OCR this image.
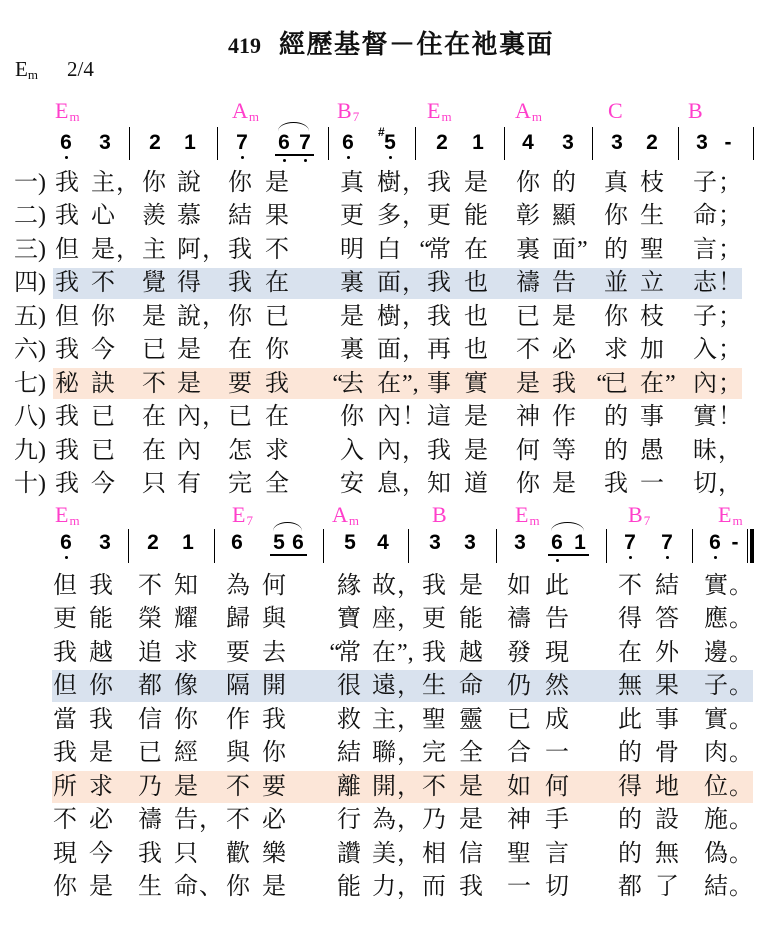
419 經歷基督－住在祂裏面
Em 2/4
Em
6 3 2 1
Am
7 6 7
B7
6 5
#
Em
2 1
Am
4 3
C
3 2
B
3 -
Em
6 3 2 1
E7
6 5 6
Am
5 4
B
3 3
Em
3 6 1
B7
7 7
Em
6 -
一) 我 主 ， 你 說 你 是 真 樹 ， 我 是 你 的 真 枝 子 ；
但 我 不 知 為 何 緣 故 ， 我 是 如 此 不 結 實 。
二) 我 心 羨 慕 結 果 更 多 ， 更 能 彰 顯 你 生 命 ；
更 能 榮 耀 歸 與 寶 座 ， 更 能 禱 告 得 答 應 。
三) 但 是 ， 主 阿 ， 我 不 明 白 “
常 在 裏 面 ” 的 聖 言 ；
我 越 追 求 要 去 “
常 在 ”, 我 越 發 現 在 外 邊 。
四) 我 不 覺 得 我 在 裏 面 ， 我 也 禱 告 並 立 志 ！
但 你 都 像 隔 開 很 遠 ， 生 命 仍 然 無 果 子 。
五) 但 你 是 說 ， 你 已 是 樹 ， 我 也 已 是 你 枝 子 ；
當 我 信 你 作 我 救 主 ， 聖 靈 已 成 此 事 實 。
六) 我 今 已 是 在 你 裏 面 ， 再 也 不 必 求 加 入 ；
我 是 已 經 與 你 結 聯 ， 完 全 合 一 的 骨 肉 。
七) 秘 訣 不 是 要 我 “
去 在 ”, 事 實 是 我 “
已 在 ” 內 ；
所 求 乃 是 不 要 離 開 ， 不 是 如 何 得 地 位 。
八) 我 已 在 內 ， 已 在 你 內 ！ 這 是 神 作 的 事 實 ！
不 必 禱 告 ， 不 必 行 為 ， 乃 是 神 手 的 設 施 。
九) 我 已 在 內 怎 求 入 內 ， 我 是 何 等 的 愚 昧 ，
現 今 我 只 歡 樂 讚 美 ， 相 信 聖 言 的 無 偽 。
十) 我 今 只 有 完 全 安 息 ， 知 道 你 是 我 一 切 ，
你 是 生 命 、 你 是 能 力 ， 而 我 一 切 都 了 結 。
